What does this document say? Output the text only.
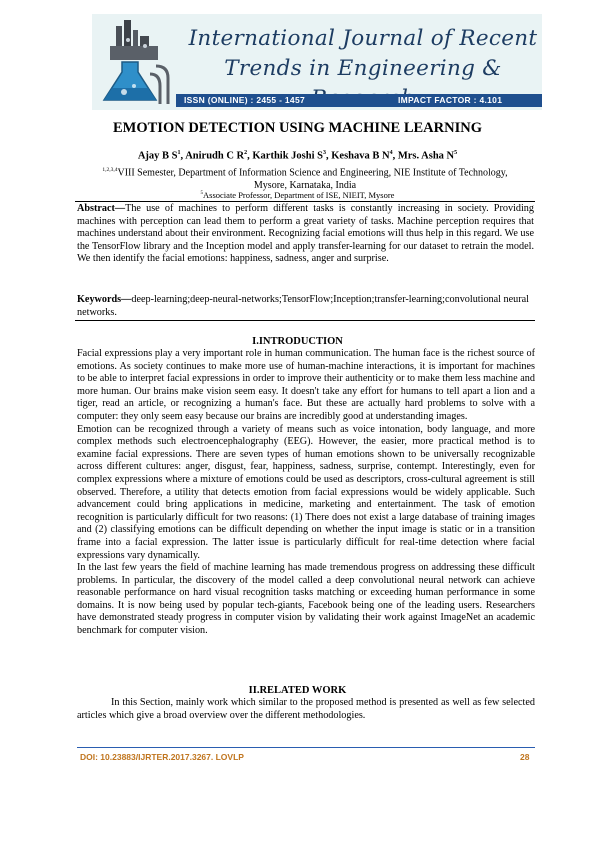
International Journal of Recent Trends in Engineering &
ISSN (ONLINE) : 2455 - 1457	IMPACT FACTOR : 4.101
EMOTION DETECTION USING MACHINE LEARNING
Ajay B $S^1$, Anirudh C $R^2$, Karthik Joshi $S^3$, Keshava B $N^4$, Mrs. Asha $N^5$
$^{1,2,3,4}$VIII Semester, Department of Information Science and Engineering, NIE Institute of Technology, Mysore, Karnataka, India
$^5$Associate Professor, Department of ISE, NIEIT, Mysore
Abstract—The use of machines to perform different tasks is constantly increasing in society. Providing machines with perception can lead them to perform a great variety of tasks. Machine perception requires that machines understand about their environment. Recognizing facial emotions will thus help in this regard. We use the TensorFlow library and the Inception model and apply transfer-learning for our dataset to retrain the model. We then identify the facial emotions: happiness, sadness, anger and surprise.
Keywords—deep-learning;deep-neural-networks;TensorFlow;Inception;transfer-learning;convolutional neural networks.
I.INTRODUCTION

Facial expressions play a very important role in human communication. The human face is the richest source of emotions. As society continues to make more use of human-machine interactions, it is important for machines to be able to interpret facial expressions in order to improve their authenticity or to make them less machine and more human. Our brains make vision seem easy. It doesn't take any effort for humans to tell apart a lion and a tiger, read an article, or recognizing a human's face. But these are actually hard problems to solve with a computer: they only seem easy because our brains are incredibly good at understanding images.

Emotion can be recognized through a variety of means such as voice intonation, body language, and more complex methods such electroencephalography (EEG). However, the easier, more practical method is to examine facial expressions. There are seven types of human emotions shown to be universally recognizable across different cultures: anger, disgust, fear, happiness, sadness, surprise, contempt. Interestingly, even for complex expressions where a mixture of emotions could be used as descriptors, cross-cultural agreement is still observed. Therefore, a utility that detects emotion from facial expressions would be widely applicable. Such advancement could bring applications in medicine, marketing and entertainment. The task of emotion recognition is particularly difficult for two reasons: (1) There does not exist a large database of training images and (2) classifying emotions can be difficult depending on whether the input image is static or in a transition frame into a facial expression. The latter issue is particularly difficult for real-time detection where facial expressions vary dynamically.

In the last few years the field of machine learning has made tremendous progress on addressing these difficult problems. In particular, the discovery of the model called a deep convolutional neural network can achieve reasonable performance on hard visual recognition tasks matching or exceeding human performance in some domains. It is now being used by popular tech-giants, Facebook being one of the leading users. Researchers have demonstrated steady progress in computer vision by validating their work against ImageNet an academic benchmark for computer vision.

II.RELATED WORK

In this Section, mainly work which similar to the proposed method is presented as well as few selected articles which give a broad overview over the different methodologies.

DOI: 10.23883/IJRTER.2017.3267. LOVLP	28
